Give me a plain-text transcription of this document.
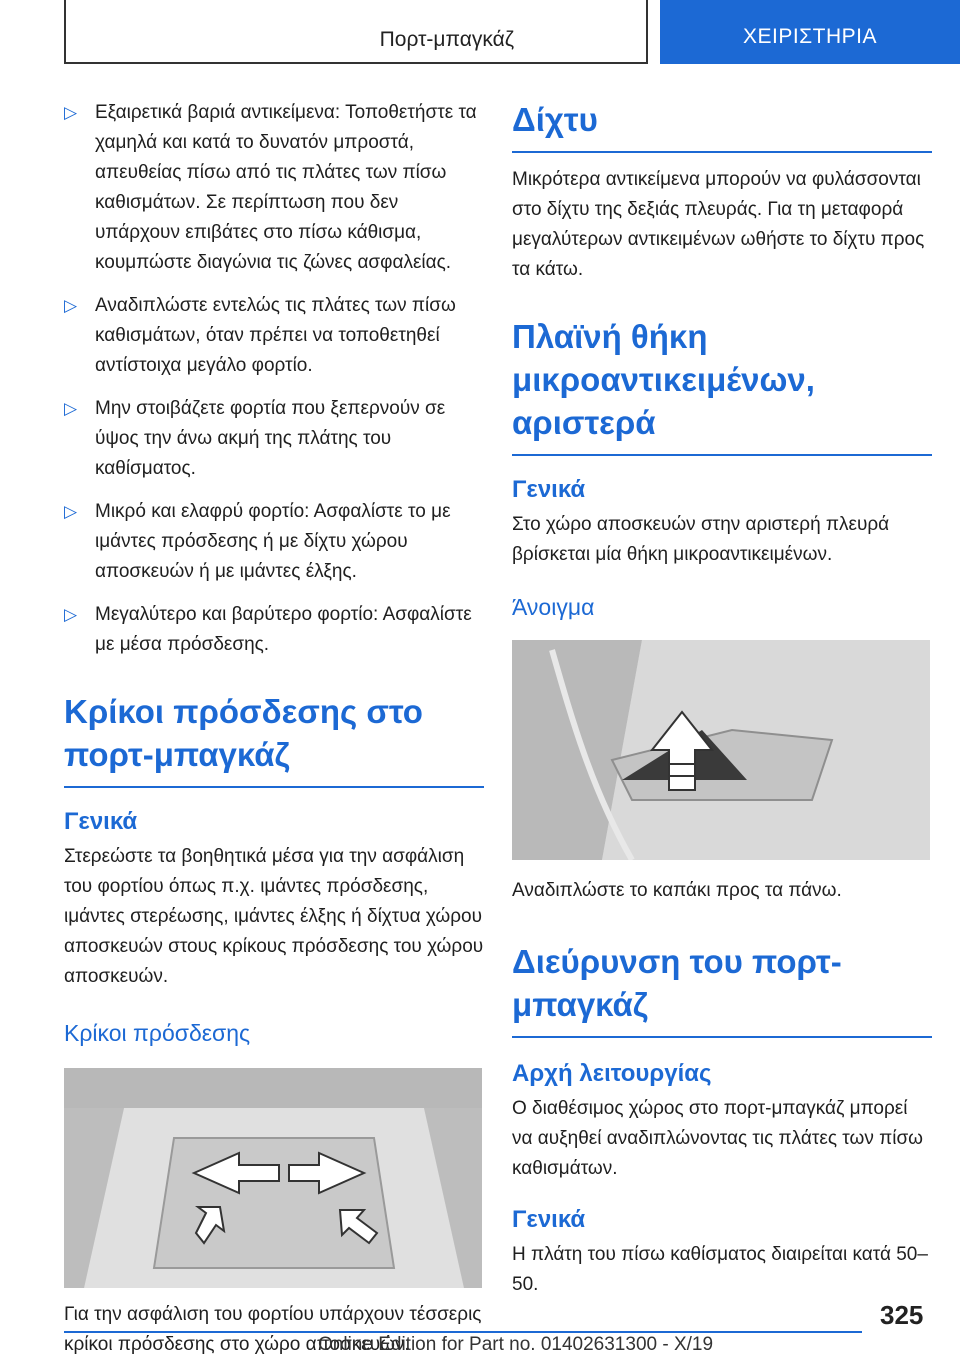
Πορτ-μπαγκάζ	ΧΕΙΡΙΣΤΗΡΙΑ
▷ Εξαιρετικά βαριά αντικείμενα: Τοποθετήστε τα χαμηλά και κατά το δυνατόν μπροστά, απευθείας πίσω από τις πλάτες των πίσω καθισμάτων. Σε περίπτωση που δεν υπάρχουν επιβάτες στο πίσω κάθισμα, κουμπώστε διαγώνια τις ζώνες ασφαλείας.
▷ Αναδιπλώστε εντελώς τις πλάτες των πίσω καθισμάτων, όταν πρέπει να τοποθετηθεί αντίστοιχα μεγάλο φορτίο.
▷ Μην στοιβάζετε φορτία που ξεπερνούν σε ύψος την άνω ακμή της πλάτης του καθίσματος.
▷ Μικρό και ελαφρύ φορτίο: Ασφαλίστε το με ιμάντες πρόσδεσης ή με δίχτυ χώρου αποσκευών ή με ιμάντες έλξης.
▷ Μεγαλύτερο και βαρύτερο φορτίο: Ασφαλίστε με μέσα πρόσδεσης.
Κρίκοι πρόσδεσης στο πορτ-μπαγκάζ
Γενικά

Στερεώστε τα βοηθητικά μέσα για την ασφάλιση του φορτίου όπως π.χ. ιμάντες πρόσδεσης, ιμάντες στερέωσης, ιμάντες έλξης ή δίχτυα χώρου αποσκευών στους κρίκους πρόσδεσης του χώρου αποσκευών.

Κρίκοι πρόσδεσης

Για την ασφάλιση του φορτίου υπάρχουν τέσσερις κρίκοι πρόσδεσης στο χώρο αποσκευών.

Δίχτυ

Μικρότερα αντικείμενα μπορούν να φυλάσσονται στο δίχτυ της δεξιάς πλευράς. Για τη μεταφορά μεγαλύτερων αντικειμένων ωθήστε το δίχτυ προς τα κάτω.

Πλαϊνή θήκη μικροαντικειμένων, αριστερά
Γενικά

Στο χώρο αποσκευών στην αριστερή πλευρά βρίσκεται μία θήκη μικροαντικειμένων.

Άνοιγμα

Αναδιπλώστε το καπάκι προς τα πάνω.

Διεύρυνση του πορτ-μπαγκάζ
Αρχή λειτουργίας

Ο διαθέσιμος χώρος στο πορτ-μπαγκάζ μπορεί να αυξηθεί αναδιπλώνοντας τις πλάτες των πίσω καθισμάτων.

Γενικά

Η πλάτη του πίσω καθίσματος διαιρείται κατά 50–50.

325
Online Edition for Part no. 01402631300 - X/19
